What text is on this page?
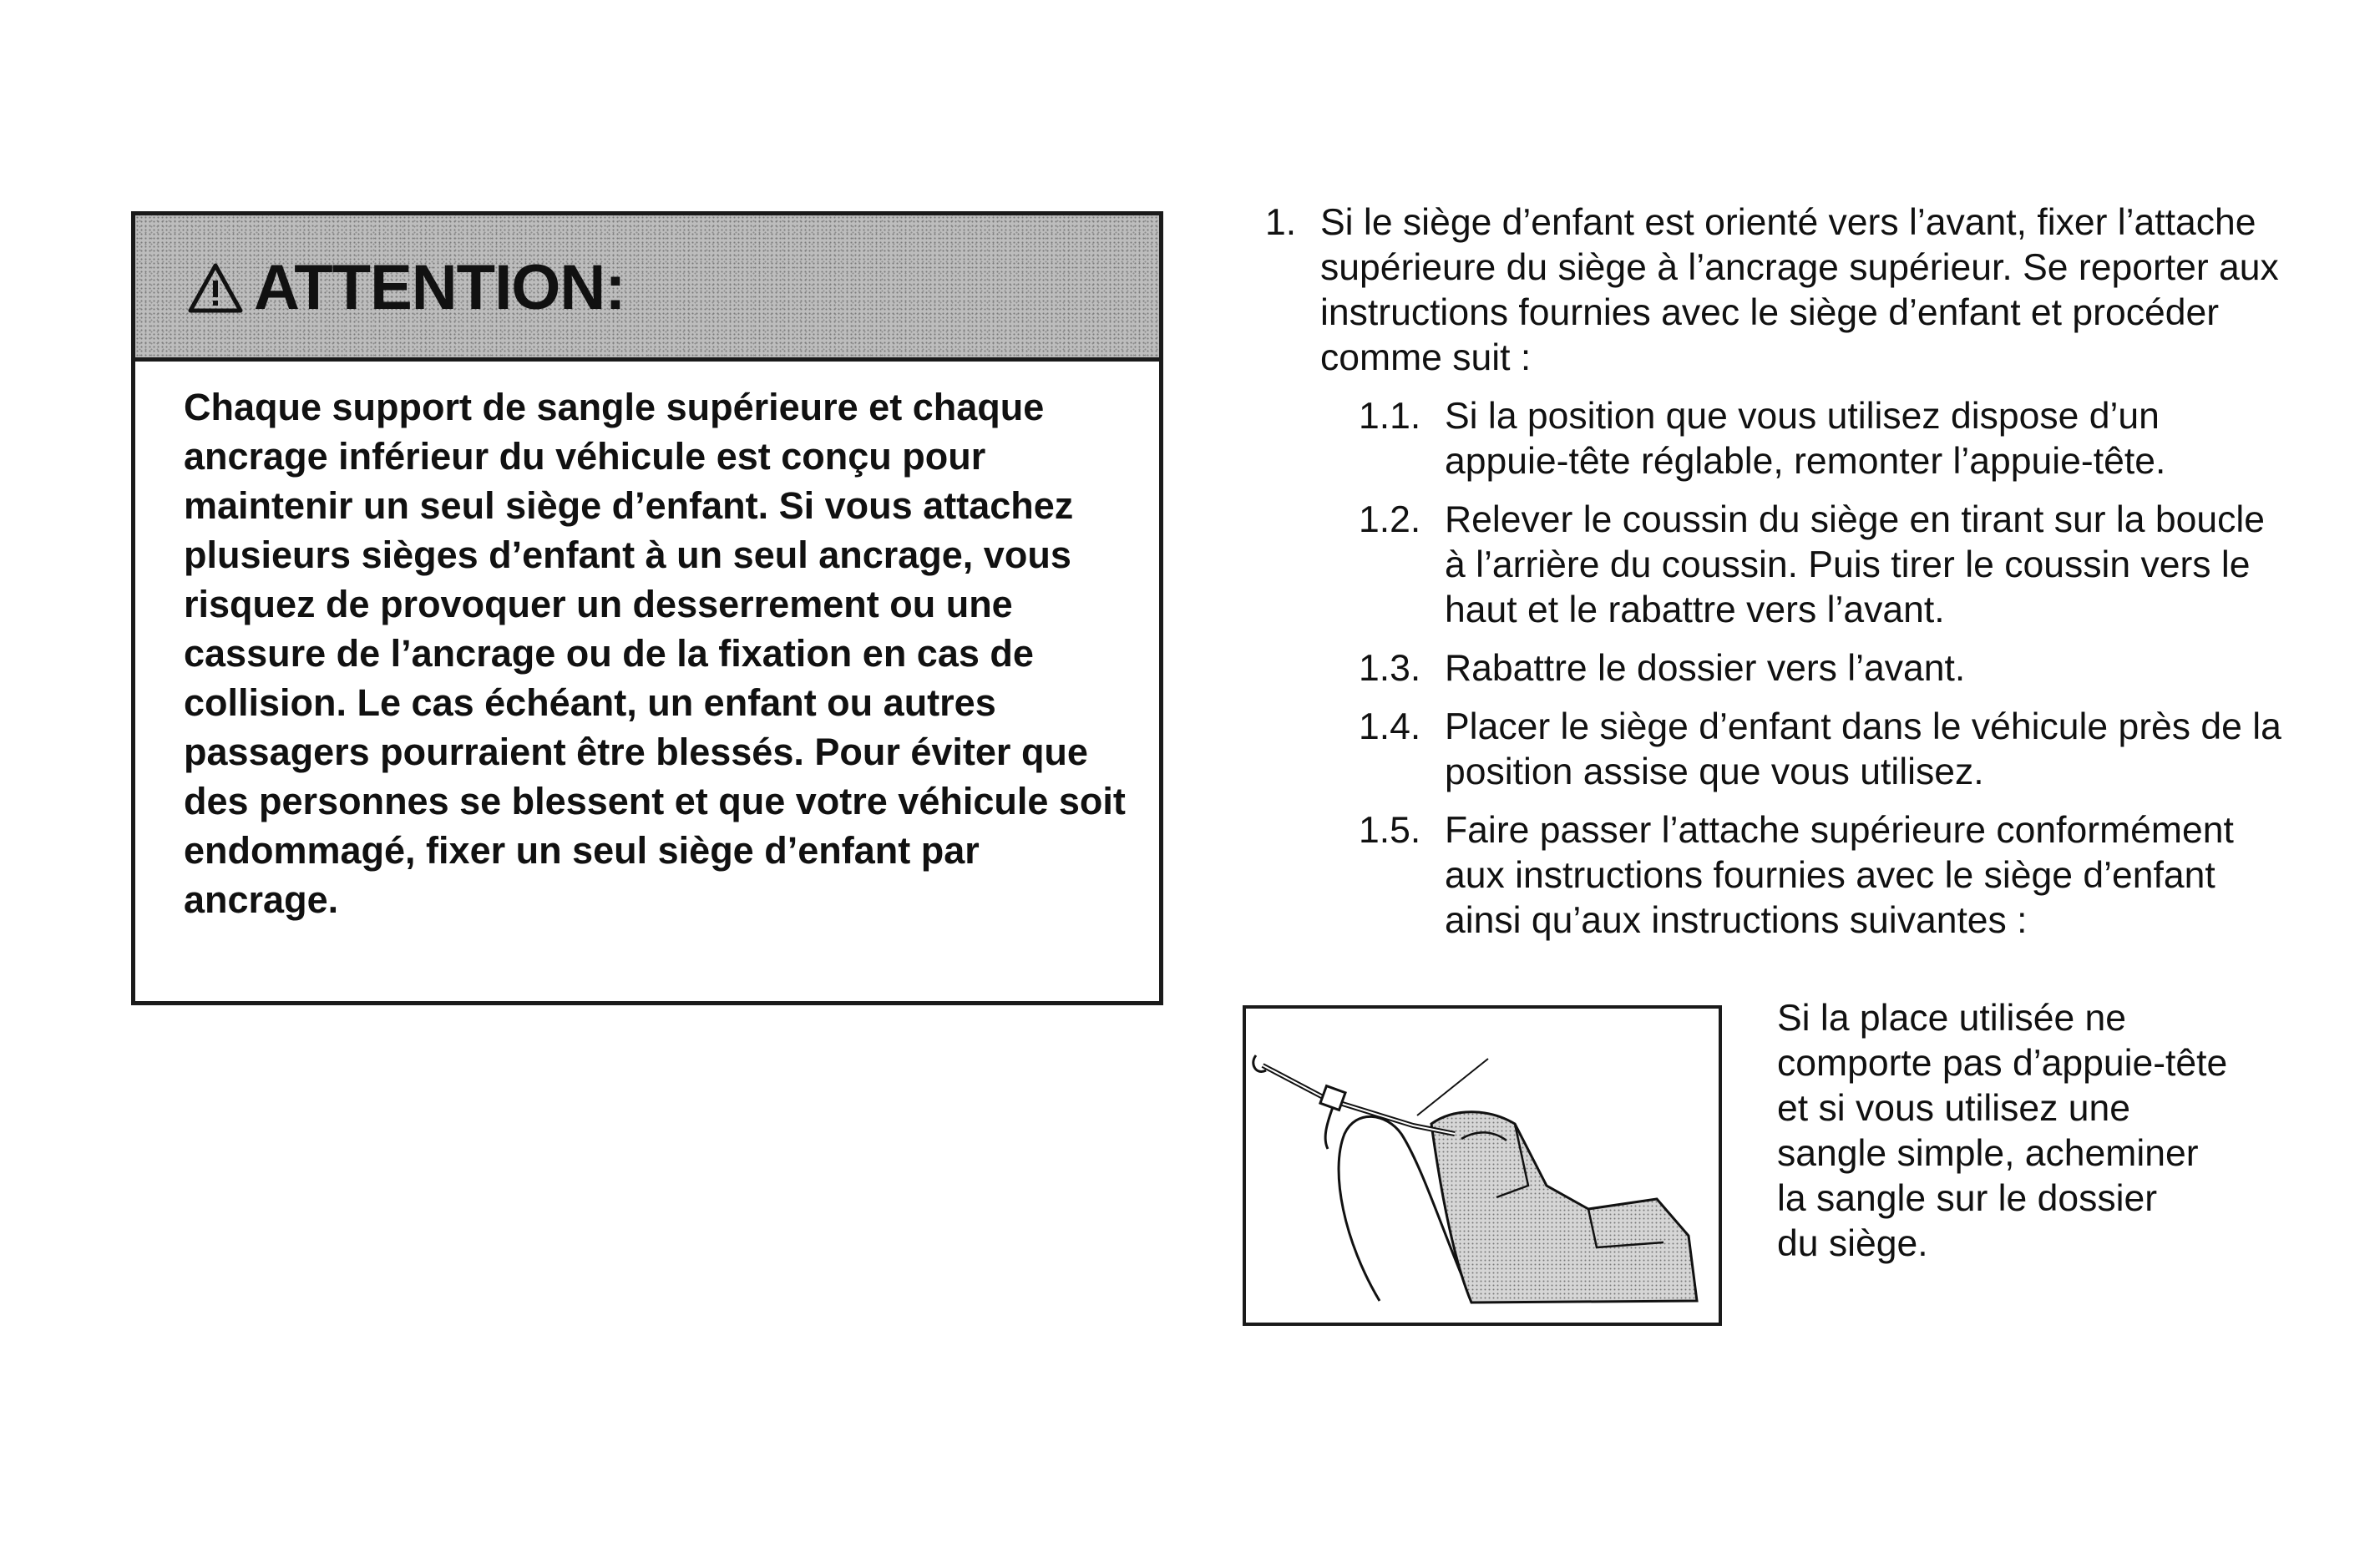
ATTENTION:
Chaque support de sangle supérieure et chaque ancrage inférieur du véhicule est conçu pour maintenir un seul siège d’enfant. Si vous attachez plusieurs sièges d’enfant à un seul ancrage, vous risquez de provoquer un desserrement ou une cassure de l’ancrage ou de la fixation en cas de collision. Le cas échéant, un enfant ou autres passagers pourraient être blessés. Pour éviter que des personnes se blessent et que votre véhicule soit endommagé, fixer un seul siège d’enfant par ancrage.
1. Si le siège d’enfant est orienté vers l’avant, fixer l’attache supérieure du siège à l’ancrage supérieur. Se reporter aux instructions fournies avec le siège d’enfant et procéder comme suit :
1.1. Si la position que vous utilisez dispose d’un appuie-tête réglable, remonter l’appuie-tête.
1.2. Relever le coussin du siège en tirant sur la boucle à l’arrière du coussin. Puis tirer le coussin vers le haut et le rabattre vers l’avant.
1.3. Rabattre le dossier vers l’avant.
1.4. Placer le siège d’enfant dans le véhicule près de la position assise que vous utilisez.
1.5. Faire passer l’attache supérieure conformément aux instructions fournies avec le siège d’enfant ainsi qu’aux instructions suivantes :
Si la place utilisée ne
comporte pas d’appuie-tête
et si vous utilisez une
sangle simple, acheminer
la sangle sur le dossier
du siège.
